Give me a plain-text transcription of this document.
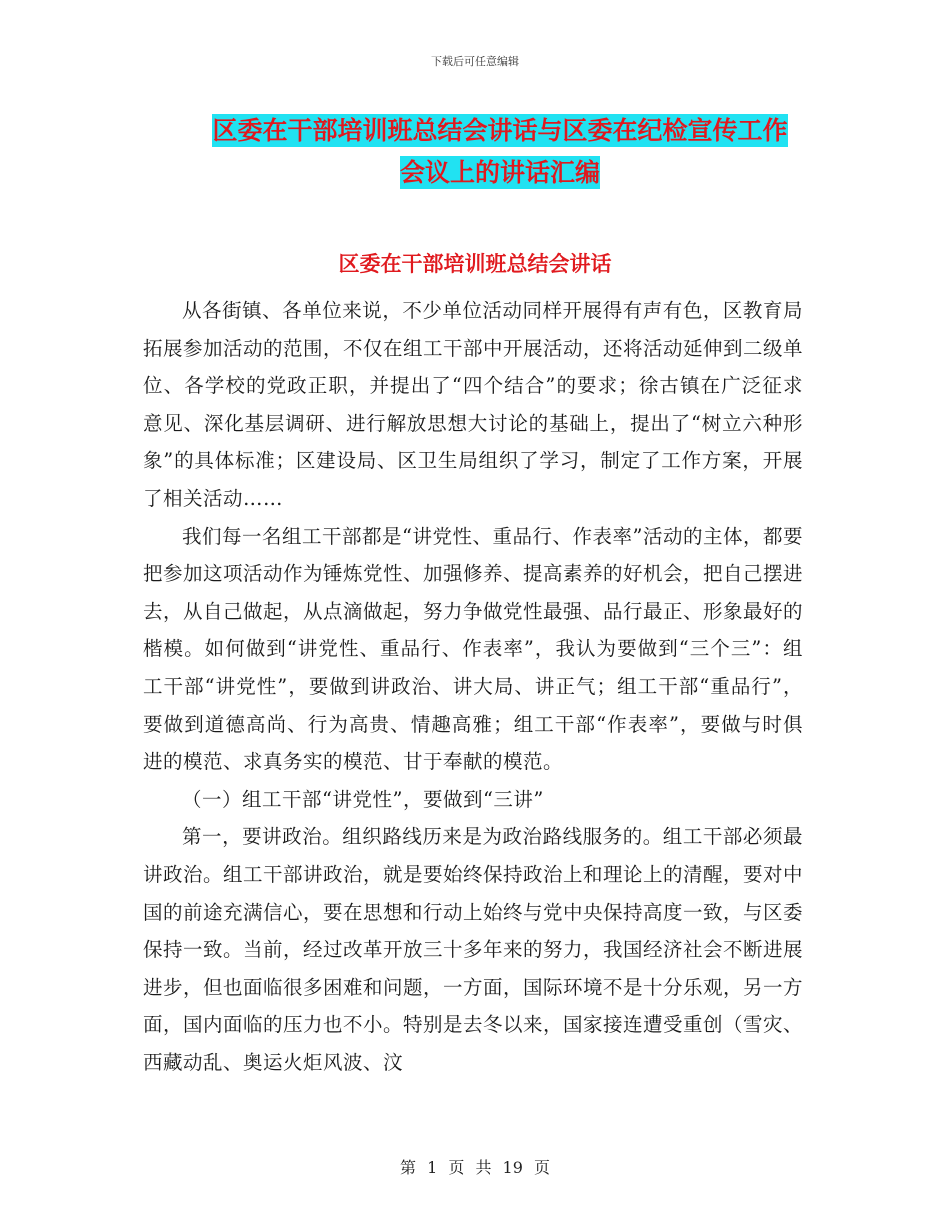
下载后可任意编辑
区委在干部培训班总结会讲话与区委在纪检宣传工作
会议上的讲话汇编
区委在干部培训班总结会讲话

从各街镇、各单位来说，不少单位活动同样开展得有声有色，区教育局拓展参加活动的范围，不仅在组工干部中开展活动，还将活动延伸到二级单位、各学校的党政正职，并提出了“四个结合”的要求；徐古镇在广泛征求意见、深化基层调研、进行解放思想大讨论的基础上，提出了“树立六种形象”的具体标准；区建设局、区卫生局组织了学习，制定了工作方案，开展了相关活动……

我们每一名组工干部都是“讲党性、重品行、作表率”活动的主体，都要把参加这项活动作为锤炼党性、加强修养、提高素养的好机会，把自己摆进去，从自己做起，从点滴做起，努力争做党性最强、品行最正、形象最好的楷模。如何做到“讲党性、重品行、作表率”，我认为要做到“三个三”：组工干部“讲党性”，要做到讲政治、讲大局、讲正气；组工干部“重品行”，要做到道德高尚、行为高贵、情趣高雅；组工干部“作表率”，要做与时俱进的模范、求真务实的模范、甘于奉献的模范。

（一）组工干部“讲党性”，要做到“三讲”

第一，要讲政治。组织路线历来是为政治路线服务的。组工干部必须最讲政治。组工干部讲政治，就是要始终保持政治上和理论上的清醒，要对中国的前途充满信心，要在思想和行动上始终与党中央保持高度一致，与区委保持一致。当前，经过改革开放三十多年来的努力，我国经济社会不断进展进步，但也面临很多困难和问题，一方面，国际环境不是十分乐观，另一方面，国内面临的压力也不小。特别是去冬以来，国家接连遭受重创（雪灾、西藏动乱、奥运火炬风波、汶

第 1 页 共 19 页
